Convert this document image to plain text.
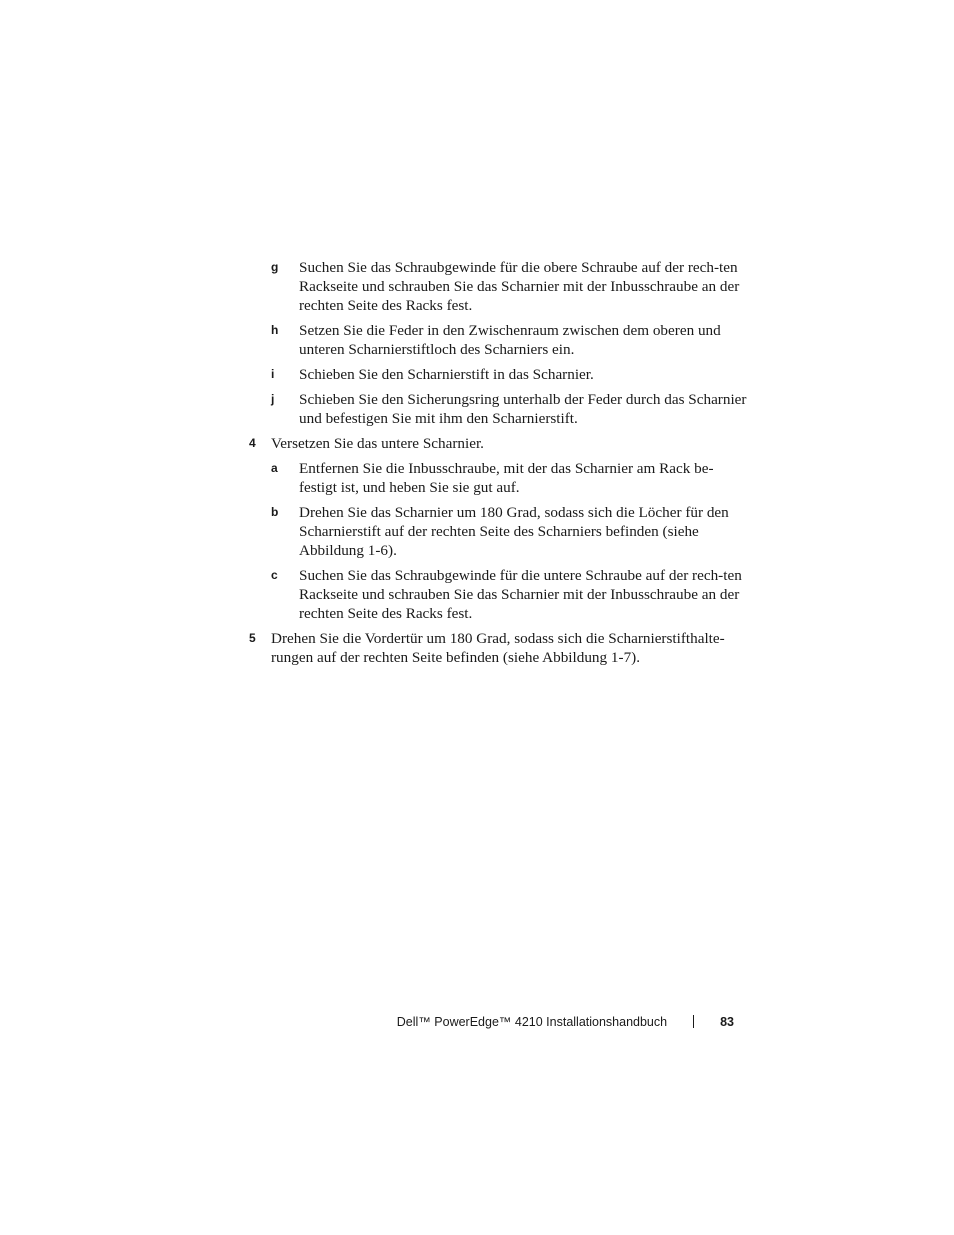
g Suchen Sie das Schraubgewinde für die obere Schraube auf der rech-ten Rackseite und schrauben Sie das Scharnier mit der Inbusschraube an der rechten Seite des Racks fest.
h Setzen Sie die Feder in den Zwischenraum zwischen dem oberen und unteren Scharnierstiftloch des Scharniers ein.
i Schieben Sie den Scharnierstift in das Scharnier.
j Schieben Sie den Sicherungsring unterhalb der Feder durch das Scharnier und befestigen Sie mit ihm den Scharnierstift.
4 Versetzen Sie das untere Scharnier.
a Entfernen Sie die Inbusschraube, mit der das Scharnier am Rack be-festigt ist, und heben Sie sie gut auf.
b Drehen Sie das Scharnier um 180 Grad, sodass sich die Löcher für den Scharnierstift auf der rechten Seite des Scharniers befinden (siehe Abbildung 1-6).
c Suchen Sie das Schraubgewinde für die untere Schraube auf der rech-ten Rackseite und schrauben Sie das Scharnier mit der Inbusschraube an der rechten Seite des Racks fest.
5 Drehen Sie die Vordertür um 180 Grad, sodass sich die Scharnierstifthalte-rungen auf der rechten Seite befinden (siehe Abbildung 1-7).
Dell™ PowerEdge™ 4210 Installationshandbuch	83
